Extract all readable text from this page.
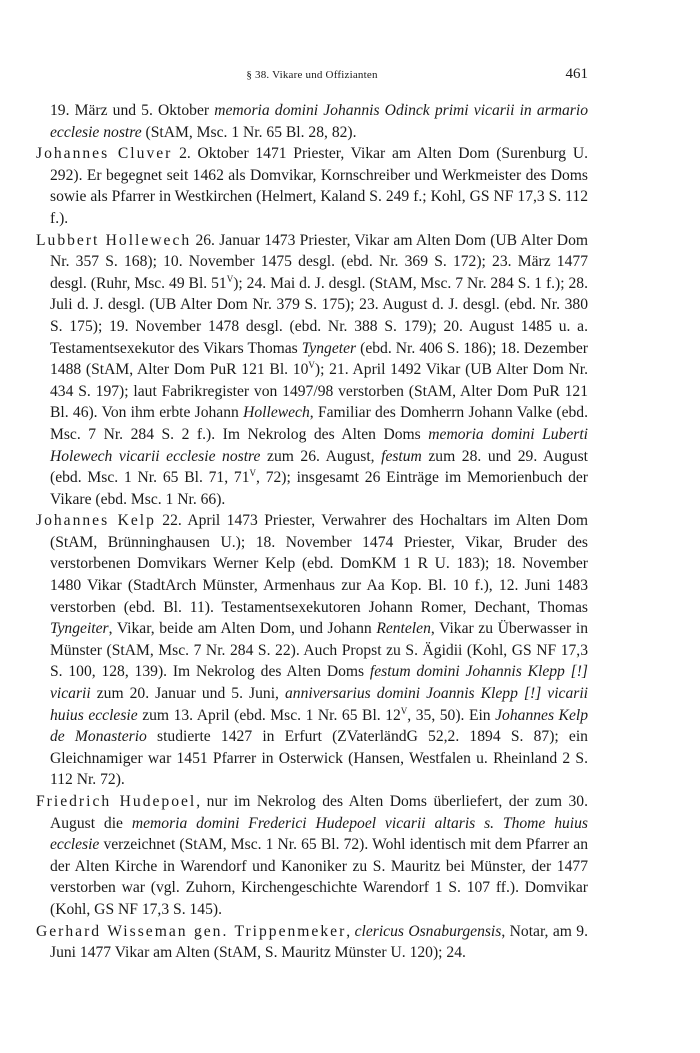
§ 38. Vikare und Offizianten	461

19. März und 5. Oktober memoria domini Johannis Odinck primi vicarii in armario ecclesie nostre (StAM, Msc. 1 Nr. 65 Bl. 28, 82).

Johannes Cluver 2. Oktober 1471 Priester, Vikar am Alten Dom (Surenburg U. 292). Er begegnet seit 1462 als Domvikar, Kornschreiber und Werkmeister des Doms sowie als Pfarrer in Westkirchen (Helmert, Kaland S. 249 f.; Kohl, GS NF 17,3 S. 112 f.).

Lubbert Hollewech 26. Januar 1473 Priester, Vikar am Alten Dom (UB Alter Dom Nr. 357 S. 168); 10. November 1475 desgl. (ebd. Nr. 369 S. 172); 23. März 1477 desgl. (Ruhr, Msc. 49 Bl. $51^V$); 24. Mai d. J. desgl. (StAM, Msc. 7 Nr. 284 S. 1 f.); 28. Juli d. J. desgl. (UB Alter Dom Nr. 379 S. 175); 23. August d. J. desgl. (ebd. Nr. 380 S. 175); 19. November 1478 desgl. (ebd. Nr. 388 S. 179); 20. August 1485 u. a. Testamentsexekutor des Vikars Thomas Tyngeter (ebd. Nr. 406 S. 186); 18. Dezember 1488 (StAM, Alter Dom PuR 121 Bl. $10^V$); 21. April 1492 Vikar (UB Alter Dom Nr. 434 S. 197); laut Fabrikregister von 1497/98 verstorben (StAM, Alter Dom PuR 121 Bl. 46). Von ihm erbte Johann Hollewech, Familiar des Domherrn Johann Valke (ebd. Msc. 7 Nr. 284 S. 2 f.). Im Nekrolog des Alten Doms memoria domini Luberti Holewech vicarii ecclesie nostre zum 26. August, festum zum 28. und 29. August (ebd. Msc. 1 Nr. 65 Bl. 71, $71^V$, 72); insgesamt 26 Einträge im Memorienbuch der Vikare (ebd. Msc. 1 Nr. 66).

Johannes Kelp 22. April 1473 Priester, Verwahrer des Hochaltars im Alten Dom (StAM, Brünninghausen U.); 18. November 1474 Priester, Vikar, Bruder des verstorbenen Domvikars Werner Kelp (ebd. DomKM 1 R U. 183); 18. November 1480 Vikar (StadtArch Münster, Armenhaus zur Aa Kop. Bl. 10 f.), 12. Juni 1483 verstorben (ebd. Bl. 11). Testamentsexekutoren Johann Romer, Dechant, Thomas Tyngeiter, Vikar, beide am Alten Dom, und Johann Rentelen, Vikar zu Überwasser in Münster (StAM, Msc. 7 Nr. 284 S. 22). Auch Propst zu S. Ägidii (Kohl, GS NF 17,3 S. 100, 128, 139). Im Nekrolog des Alten Doms festum domini Johannis Klepp [!] vicarii zum 20. Januar und 5. Juni, anniversarius domini Joannis Klepp [!] vicarii huius ecclesie zum 13. April (ebd. Msc. 1 Nr. 65 Bl. $12^V$, 35, 50). Ein Johannes Kelp de Monasterio studierte 1427 in Erfurt (ZVaterländG 52,2. 1894 S. 87); ein Gleichnamiger war 1451 Pfarrer in Osterwick (Hansen, Westfalen u. Rheinland 2 S. 112 Nr. 72).

Friedrich Hudepoel, nur im Nekrolog des Alten Doms überliefert, der zum 30. August die memoria domini Frederici Hudepoel vicarii altaris s. Thome huius ecclesie verzeichnet (StAM, Msc. 1 Nr. 65 Bl. 72). Wohl identisch mit dem Pfarrer an der Alten Kirche in Warendorf und Kanoniker zu S. Mauritz bei Münster, der 1477 verstorben war (vgl. Zuhorn, Kirchengeschichte Warendorf 1 S. 107 ff.). Domvikar (Kohl, GS NF 17,3 S. 145).

Gerhard Wisseman gen. Trippenmeker, clericus Osnaburgensis, Notar, am 9. Juni 1477 Vikar am Alten (StAM, S. Mauritz Münster U. 120); 24.
